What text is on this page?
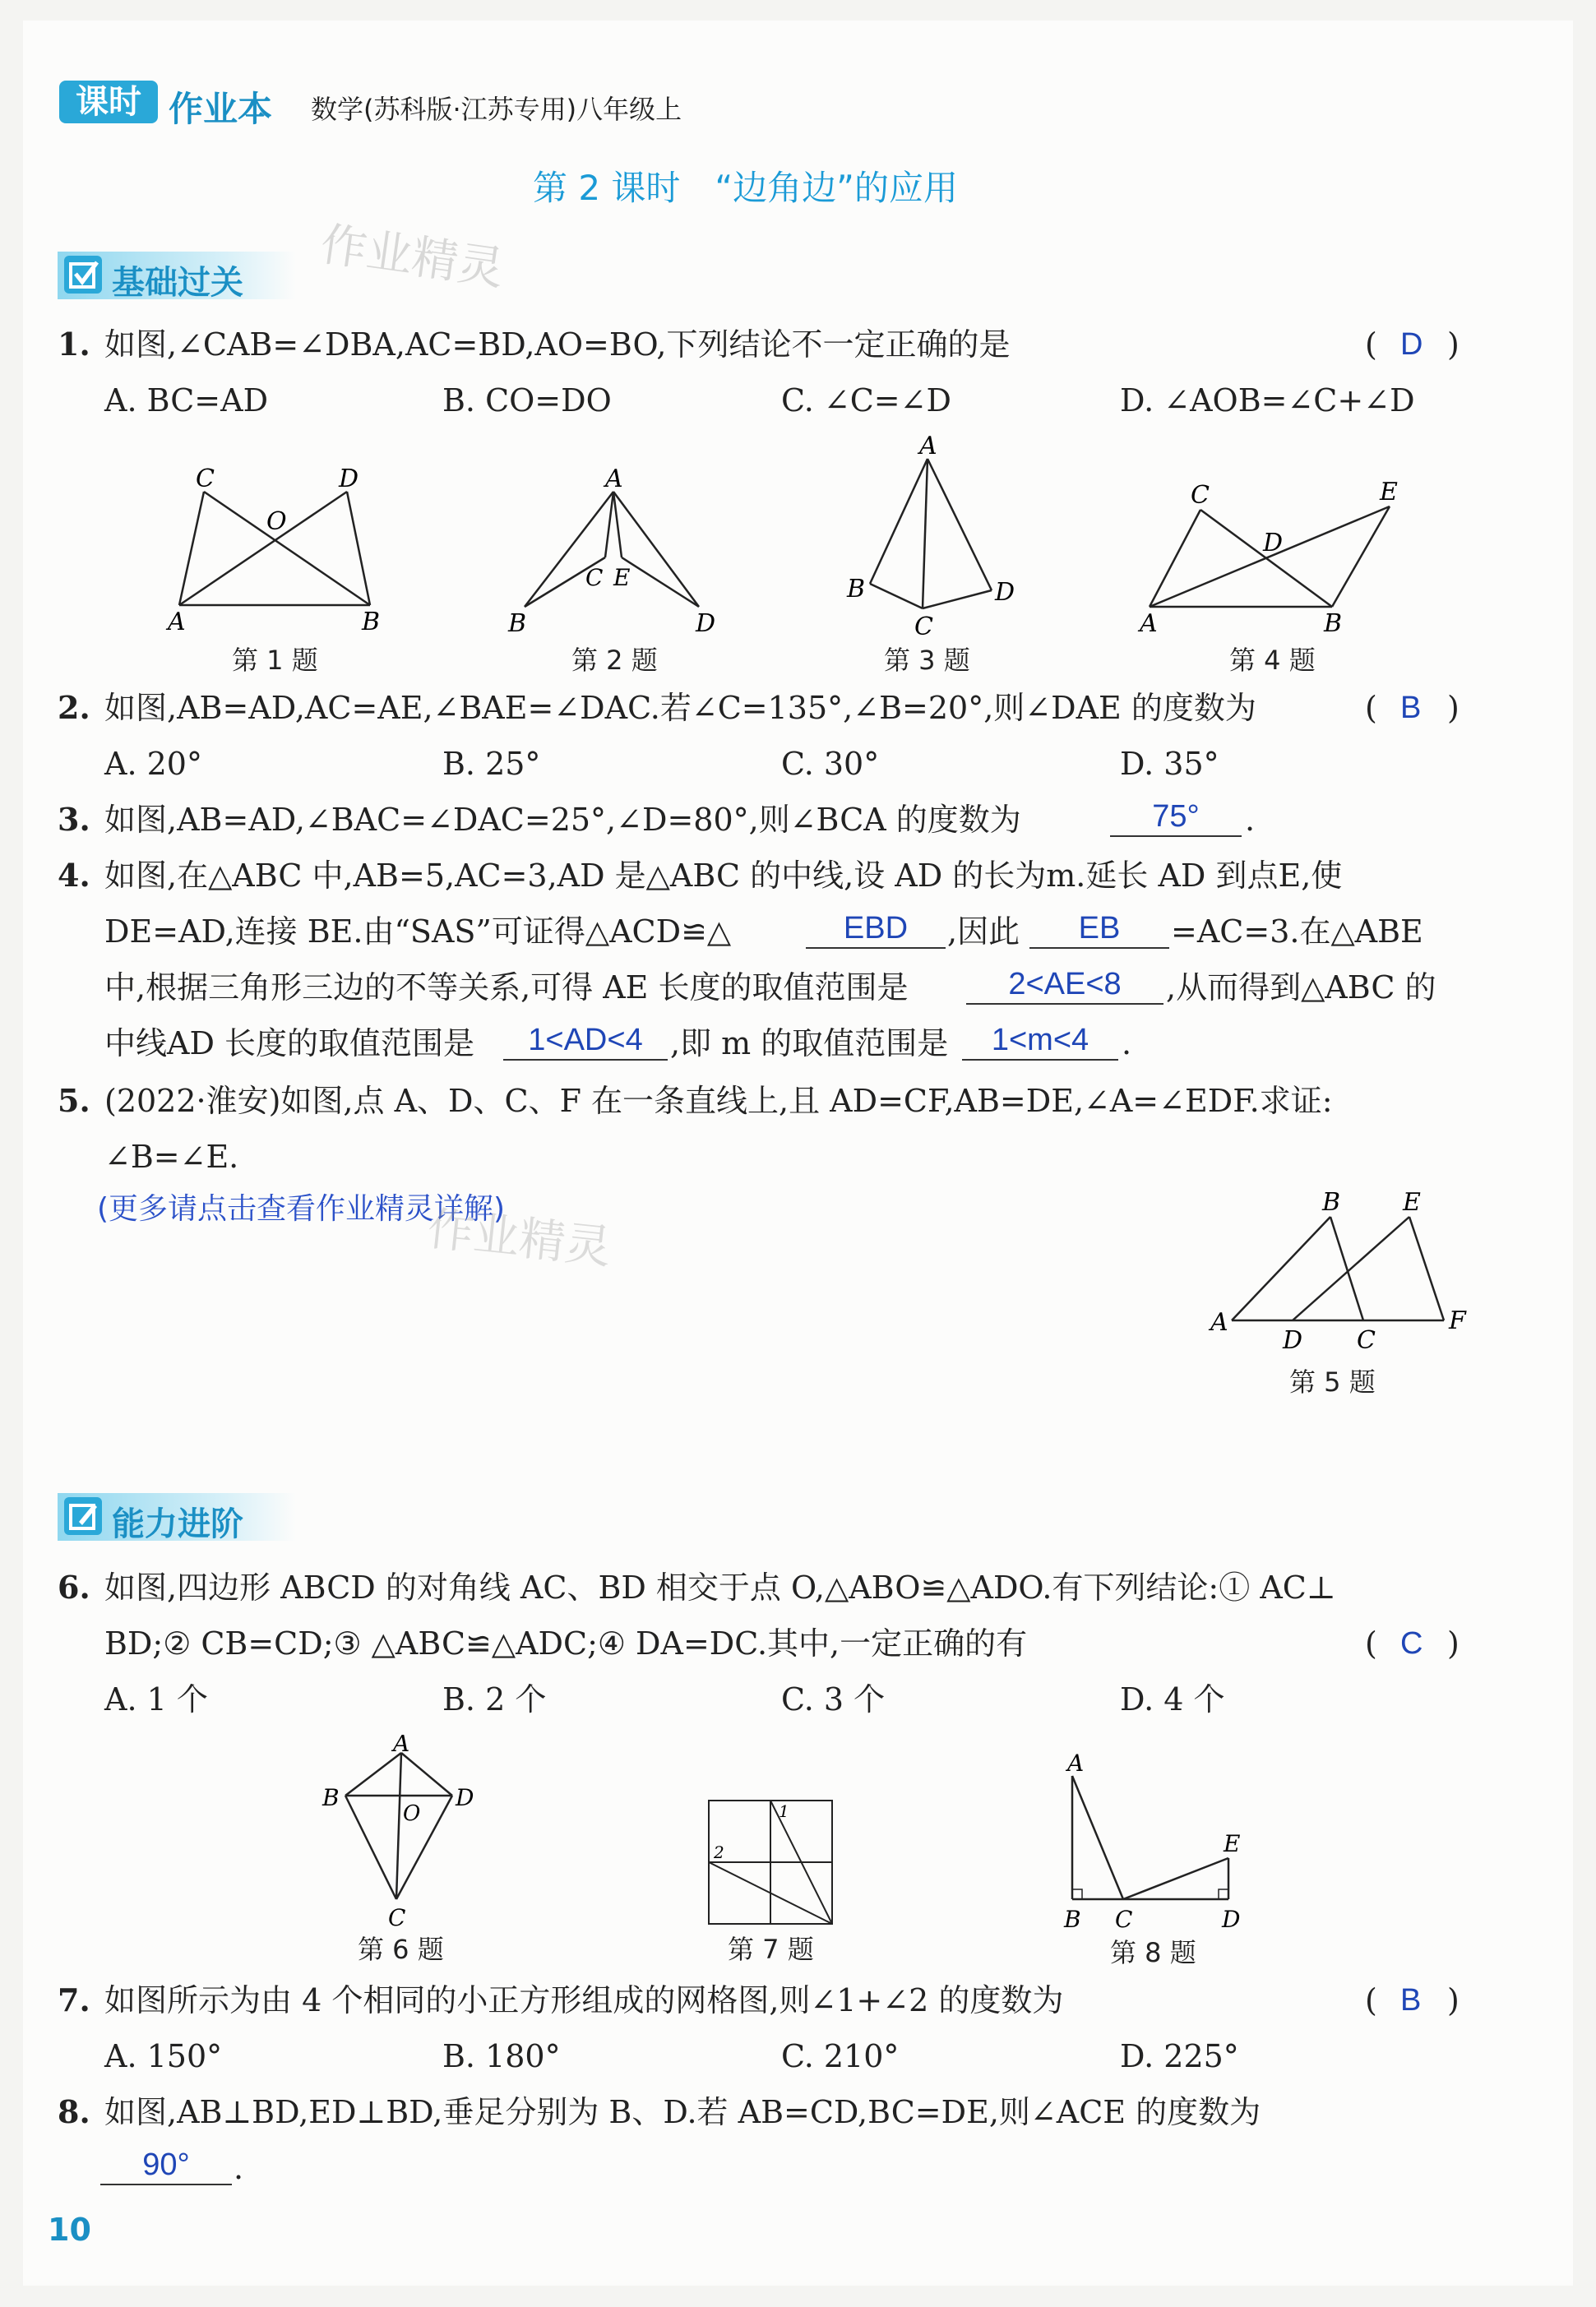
课时 作业本 数学(苏科版·江苏专用)八年级上
第 2 课时　“边角边”的应用
作业精灵
基础过关
1. 如图,∠CAB=∠DBA,AC=BD,AO=BO,下列结论不一定正确的是	( D )
A. BC=AD	B. CO=DO	C. ∠C=∠D	D. ∠AOB=∠C+∠D
C	D
O
A	B
第 1 题
A
C E
B	D
第 2 题
A
B	D
C
第 3 题
C	E
D
A	B
第 4 题
2. 如图,AB=AD,AC=AE,∠BAE=∠DAC.若∠C=135°,∠B=20°,则∠DAE 的度数为	( B )
A. 20°	B. 25°	C. 30°	D. 35°
3. 如图,AB=AD,∠BAC=∠DAC=25°,∠D=80°,则∠BCA 的度数为	75°	.
4. 如图,在△ABC 中,AB=5,AC=3,AD 是△ABC 的中线,设 AD 的长为m.延长 AD 到点E,使
DE=AD,连接 BE.由“SAS”可证得△ACD≌△	EBD	,因此	EB	=AC=3.在△ABE
中,根据三角形三边的不等关系,可得 AE 长度的取值范围是	2<AE<8	,从而得到△ABC 的
中线AD 长度的取值范围是	1<AD<4 ,即 m 的取值范围是	1<m<4	.
5. (2022·淮安)如图,点 A、D、C、F 在一条直线上,且 AD=CF,AB=DE,∠A=∠EDF.求证:
∠B=∠E.
(更多请点击查看作业精灵详解)
作业精灵	B	E
A	F
D C
第 5 题
能力进阶
6. 如图,四边形 ABCD 的对角线 AC、BD 相交于点 O,△ABO≌△ADO.有下列结论:① AC⊥
BD;② CB=CD;③ △ABC≌△ADC;④ DA=DC.其中,一定正确的有	( C )
A. 1 个	B. 2 个	C. 3 个	D. 4 个
A
B	D
O
C
第 6 题
1
2
第 7 题
A
E
B C	D
第 8 题
7. 如图所示为由 4 个相同的小正方形组成的网格图,则∠1+∠2 的度数为	( B )
A. 150°	B. 180°	C. 210°	D. 225°
8. 如图,AB⊥BD,ED⊥BD,垂足分别为 B、D.若 AB=CD,BC=DE,则∠ACE 的度数为
90°	.
10
